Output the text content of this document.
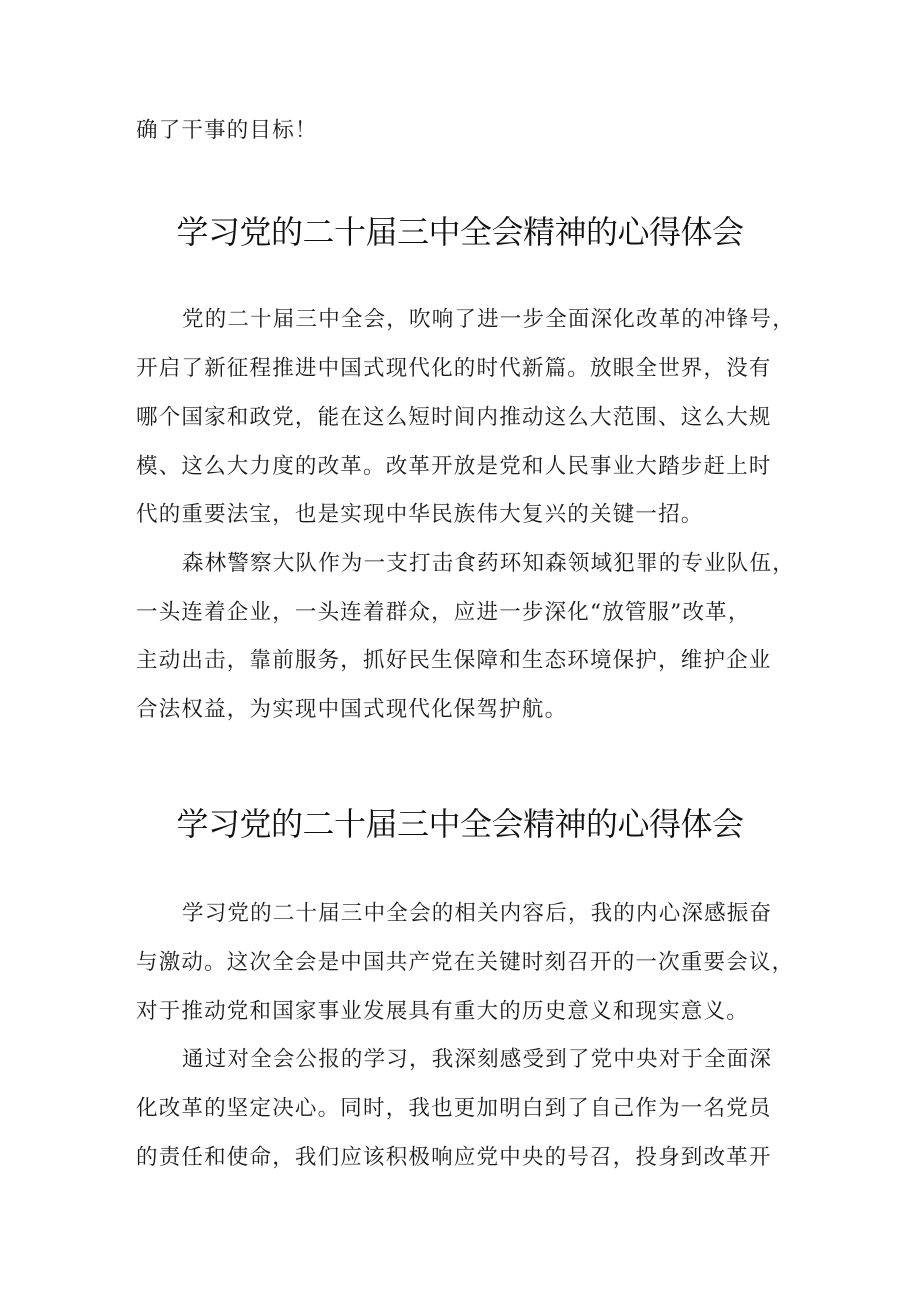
确了干事的目标！
学习党的二十届三中全会精神的心得体会
党的二十届三中全会，吹响了进一步全面深化改革的冲锋号，
开启了新征程推进中国式现代化的时代新篇。放眼全世界，没有
哪个国家和政党，能在这么短时间内推动这么大范围、这么大规
模、这么大力度的改革。改革开放是党和人民事业大踏步赶上时
代的重要法宝，也是实现中华民族伟大复兴的关键一招。
森林警察大队作为一支打击食药环知森领域犯罪的专业队伍，
一头连着企业，一头连着群众，应进一步深化“放管服”改革，
主动出击，靠前服务，抓好民生保障和生态环境保护，维护企业
合法权益，为实现中国式现代化保驾护航。
学习党的二十届三中全会精神的心得体会
学习党的二十届三中全会的相关内容后，我的内心深感振奋
与激动。这次全会是中国共产党在关键时刻召开的一次重要会议，
对于推动党和国家事业发展具有重大的历史意义和现实意义。
通过对全会公报的学习，我深刻感受到了党中央对于全面深
化改革的坚定决心。同时，我也更加明白到了自己作为一名党员
的责任和使命，我们应该积极响应党中央的号召，投身到改革开
